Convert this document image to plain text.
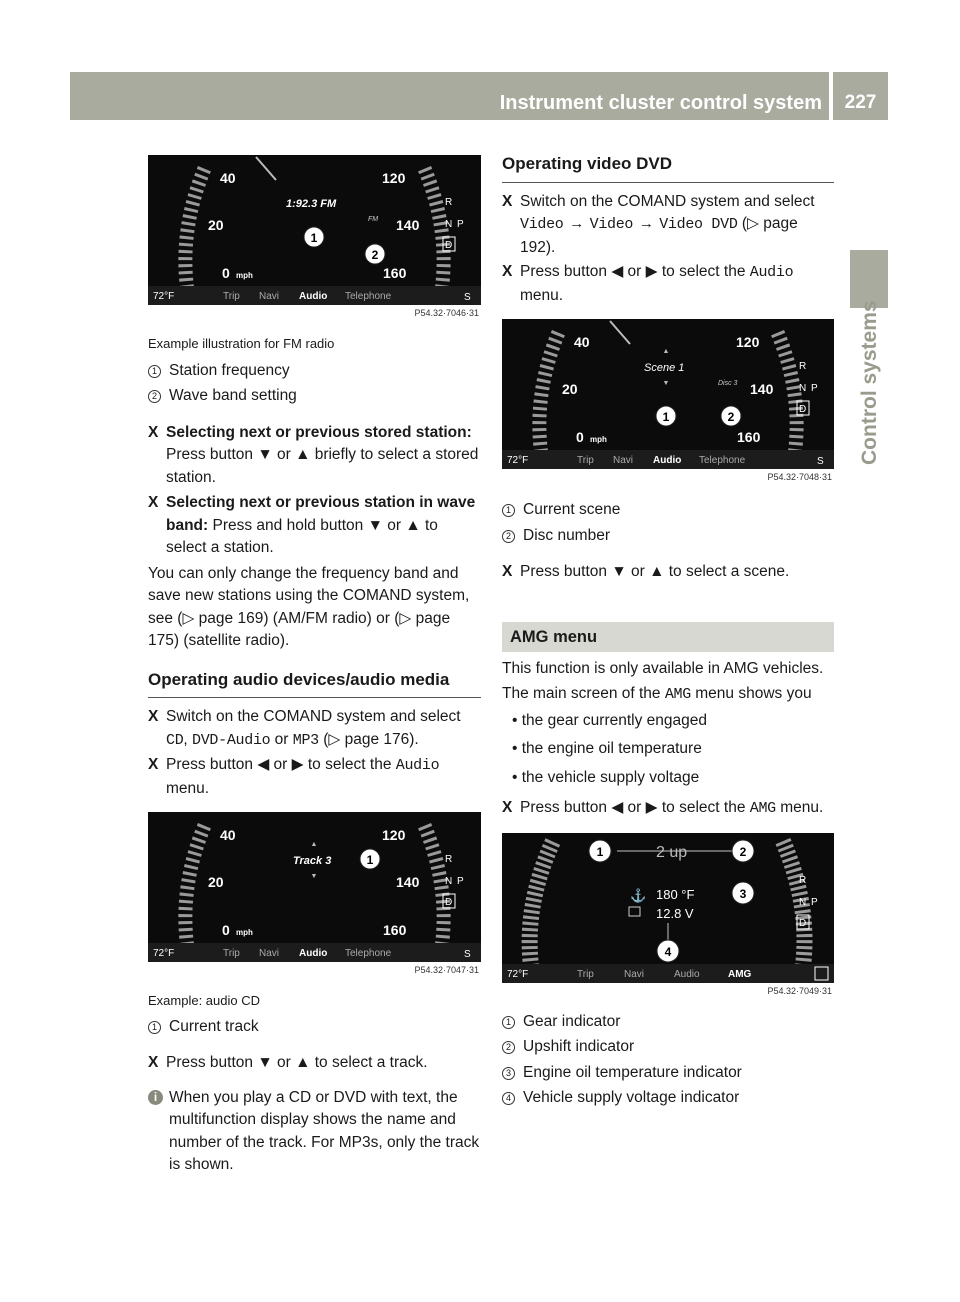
Instrument cluster control system	227
Control systems
40
20
0 mph
120
140
160
1:92.3 FM
FM
1
2
R
N P
D
72°F	Trip Navi Audio Telephone	S
P54.32·7046·31

Example illustration for FM radio

1 Station frequency
2 Wave band setting
X Selecting next or previous stored station: Press button ▼ or ▲ briefly to select a stored station.

X Selecting next or previous station in wave band: Press and hold button ▼ or ▲ to select a station.

You can only change the frequency band and save new stations using the COMAND system, see (▷ page 169) (AM/FM radio) or (▷ page 175) (satellite radio).

Operating audio devices/audio media
X Switch on the COMAND system and select CD, DVD-Audio or MP3 (▷ page 176).

X Press button ◀ or ▶ to select the Audio menu.

40
20
0 mph
120
140
160
▲
Track 3
▼
1	R
N P
D
72°F	Trip Navi Audio Telephone	S
P54.32·7047·31

Example: audio CD

1 Current track
X Press button ▼ or ▲ to select a track.

i When you play a CD or DVD with text, the multifunction display shows the name and number of the track. For MP3s, only the track is shown.

Operating video DVD
X Switch on the COMAND system and select Video → Video → Video DVD (▷ page 192).

X Press button ◀ or ▶ to select the Audio menu.

40
20
0 mph
120
140
160
▲
Scene 1
▼	Disc 3
1	2
R
N P
D
72°F	Trip Navi Audio Telephone	S
P54.32·7048·31
1 Current scene
2 Disc number
X Press button ▼ or ▲ to select a scene.

AMG menu

This function is only available in AMG vehicles.

The main screen of the AMG menu shows you

• the gear currently engaged

• the engine oil temperature

• the vehicle supply voltage

X Press button ◀ or ▶ to select the AMG menu.

2 up
1	2
⚓ 180 °F	3
12.8 V
4
R
N P
D
72°F	Trip	Navi	Audio	AMG
P54.32·7049·31
1 Gear indicator
2 Upshift indicator
3 Engine oil temperature indicator
4 Vehicle supply voltage indicator
